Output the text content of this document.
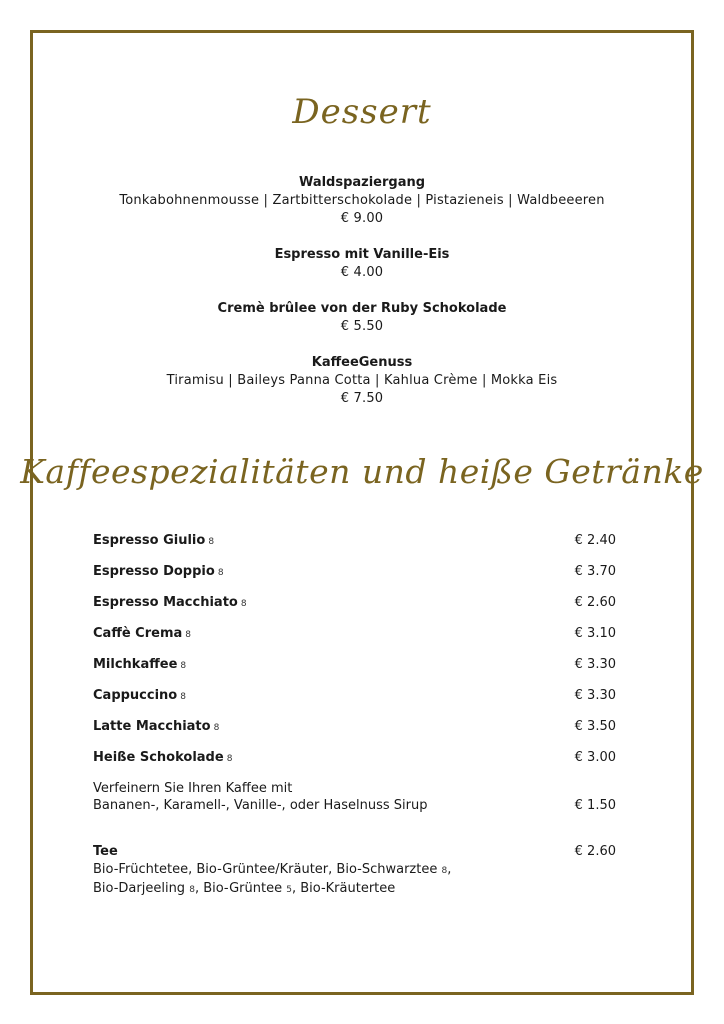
Dessert
Waldspaziergang
Tonkabohnenmousse | Zartbitterschokolade | Pistazieneis | Waldbeeeren
€ 9.00
Espresso mit Vanille-Eis
€ 4.00
Cremè brûlee von der Ruby Schokolade
€ 5.50
KaffeeGenuss
Tiramisu | Baileys Panna Cotta | Kahlua Crème | Mokka Eis
€ 7.50
Kaffeespezialitäten und heiße Getränke
Espresso Giulio 8	€ 2.40
Espresso Doppio 8	€ 3.70
Espresso Macchiato 8	€ 2.60
Caffè Crema 8	€ 3.10
Milchkaffee 8	€ 3.30
Cappuccino 8	€ 3.30
Latte Macchiato 8	€ 3.50
Heiße Schokolade 8	€ 3.00
Verfeinern Sie Ihren Kaffee mit
Bananen-, Karamell-, Vanille-, oder Haselnuss Sirup	€ 1.50
Tee	€ 2.60
Bio-Früchtetee, Bio-Grüntee/Kräuter, Bio-Schwarztee 8,
Bio-Darjeeling 8, Bio-Grüntee 5, Bio-Kräutertee
